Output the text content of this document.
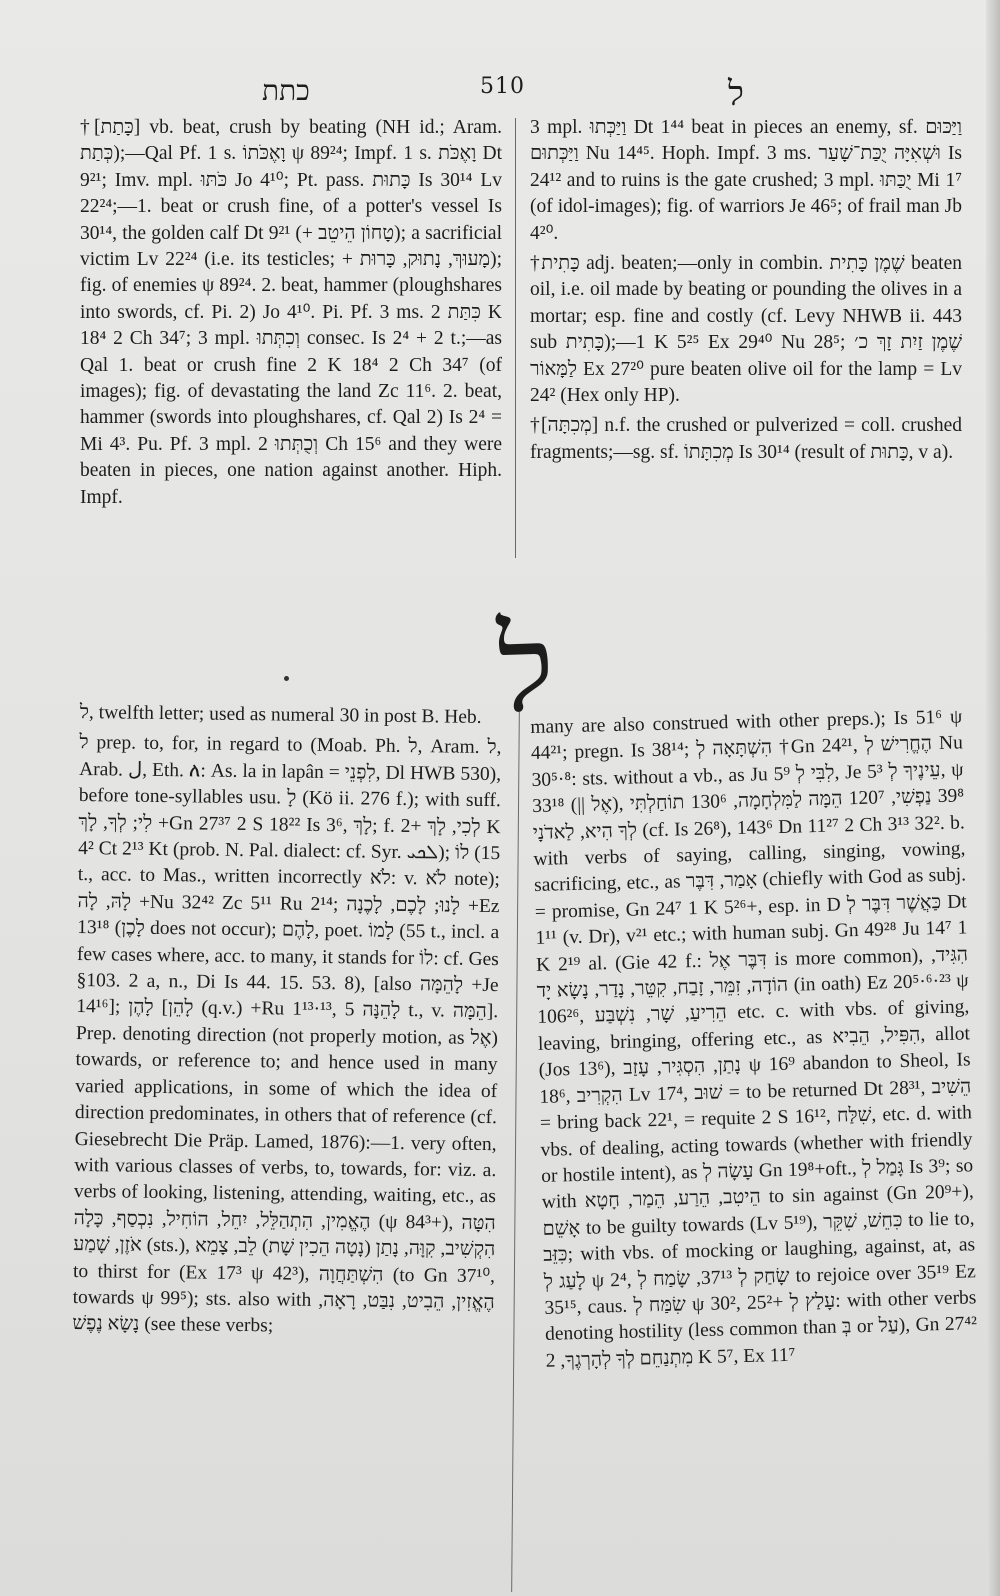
כתת	510	ל

†[כָּתַת] vb. beat, crush by beating (NH id.; Aram. כְּתַת);—Qal Pf. 1 s. וָאֶכֹּתוֹ ψ 89²⁴; Impf. 1 s. וָאֶכֹּת Dt 9²¹; Imv. mpl. כֹּתּוּ Jo 4¹⁰; Pt. pass. כָּתוּת Is 30¹⁴ Lv 22²⁴;—1. beat or crush fine, of a potter's vessel Is 30¹⁴, the golden calf Dt 9²¹ (+ טָחוֹן הֵיטֵב); a sacrificial victim Lv 22²⁴ (i.e. its testicles; + מָעוּךְ, נָתוּק, כָּרוּת); fig. of enemies ψ 89²⁴. 2. beat, hammer (ploughshares into swords, cf. Pi. 2) Jo 4¹⁰. Pi. Pf. 3 ms. כִּתַּת 2 K 18⁴ 2 Ch 34⁷; 3 mpl. וְכִתְּתוּ consec. Is 2⁴ + 2 t.;—as Qal 1. beat or crush fine 2 K 18⁴ 2 Ch 34⁷ (of images); fig. of devastating the land Zc 11⁶. 2. beat, hammer (swords into ploughshares, cf. Qal 2) Is 2⁴ = Mi 4³. Pu. Pf. 3 mpl. וְכֻתְּתוּ 2 Ch 15⁶ and they were beaten in pieces, one nation against another. Hiph. Impf.

3 mpl. וַיַּכְּתוּ Dt 1⁴⁴ beat in pieces an enemy, sf. וַיַּכּוּם וַיַּכְּתוּם Nu 14⁴⁵. Hoph. Impf. 3 ms. וּשְׁאִיָּה יֻכַּת־שָׁעַר Is 24¹² and to ruins is the gate crushed; 3 mpl. יֻכַּתּוּ Mi 1⁷ (of idol-images); fig. of warriors Je 46⁵; of frail man Jb 4²⁰.

†כָּתִית adj. beaten;—only in combin. שֶׁמֶן כָּתִית beaten oil, i.e. oil made by beating or pounding the olives in a mortar; esp. fine and costly (cf. Levy NHWB ii. 443 sub כָּתִית);—1 K 5²⁵ Ex 29⁴⁰ Nu 28⁵; שֶׁמֶן זַיִת זָךְ כ׳ לַמָּאוֹר Ex 27²⁰ pure beaten olive oil for the lamp = Lv 24² (Hex only HP).

†[מְכִתָּה] n.f. the crushed or pulverized = coll. crushed fragments;—sg. sf. מְכִתָּתוֹ Is 30¹⁴ (result of כָּתוּת, v a).

ל

ל, twelfth letter; used as numeral 30 in post B. Heb.

ל prep. to, for, in regard to (Moab. Ph. ל, Aram. ל, Arab. ل, Eth. ለ: As. la in lapân = לִפְנֵי, Dl HWB 530), before tone-syllables usu. לָ (Kö ii. 276 f.); with suff. לִי; לְךָ, לָךְ +Gn 27³⁷ 2 S 18²² Is 3⁶, לָךְ; f. לְכִי, לָךְ +2 K 4² Ct 2¹³ Kt (prob. N. Pal. dialect: cf. Syr. ܠܟܝ); לוֹ (15 t., acc. to Mas., written incorrectly לֹא: v. לֹא note); לָהּ, לָה +Nu 32⁴² Zc 5¹¹ Ru 2¹⁴; לָנוּ; לָכֶם, לָכֶנָה +Ez 13¹⁸ (לָכֶן does not occur); לָהֶם, poet. לָמוֹ (55 t., incl. a few cases where, acc. to many, it stands for לוֹ: cf. Ges §103. 2 a, n., Di Is 44. 15. 53. 8), [also לָהֵמָּה +Je 14¹⁶]; לָהֶן [לָהֵן (q.v.) +Ru 1¹³·¹³, לָהֵנָּה 5 t., v. הֵמָּה]. Prep. denoting direction (not properly motion, as אֶל) towards, or reference to; and hence used in many varied applications, in some of which the idea of direction predominates, in others that of reference (cf. Giesebrecht Die Präp. Lamed, 1876):—1. very often, with various classes of verbs, to, towards, for: viz. a. verbs of looking, listening, attending, waiting, etc., as הֶאֱמִין, הִתְהַלֵּל, יִחֵל, הוֹחִיל, נִכְסַף, כָּלָה (ψ 84³+), הִטָּה אֹזֶן, שָׁמַע (sts.), הִקְשִׁיב, קִוָּה, נָתַן (נָטָה הֵכִין שָׁת) לֵב, צָמֵא to thirst for (Ex 17³ ψ 42³), הִשְׁתַּחֲוָה (to Gn 37¹⁰, towards ψ 99⁵); sts. also with הֶאֱזִין, הֵבִיט, נִבַּט, רָאָה, נָשָׂא נֶפֶשׁ (see these verbs;

many are also construed with other preps.); Is 51⁶ ψ 44²¹; pregn. Is 38¹⁴; הִשְׁתָּאָה לְ †Gn 24²¹, הֶחֱרִישׁ לְ Nu 30⁵·⁸: sts. without a vb., as Ju 5⁹ לִבִּי לְ, Je 5³ עֵינֶיךָ לְ, ψ 33¹⁸ (|| אֶל), 39⁸ נַפְשִׁי, 120⁷ הֵמָּה לַמִּלְחָמָה, 130⁶ תוֹחַלְתִּי לְךָ הִיא, לַאדֹנָי (cf. Is 26⁸), 143⁶ Dn 11²⁷ 2 Ch 3¹³ 32². b. with verbs of saying, calling, singing, vowing, sacrificing, etc., as אָמַר, דִּבֶּר (chiefly with God as subj. = promise, Gn 24⁷ 1 K 5²⁶+, esp. in D כַּאֲשֶׁר דִּבֶּר לְ Dt 1¹¹ (v. Dr), v²¹ etc.; with human subj. Gn 49²⁸ Ju 14⁷ 1 K 2¹⁹ al. (Gie 42 f.: דִּבֶּר אֶל is more common), הִגִּיד, הוֹדָה, זִמֵּר, זָבַח, קִטֵּר, נָדַר, נָשָׂא יָד (in oath) Ez 20⁵·⁶·²³ ψ 106²⁶, הֵרִיעַ, שָׁר, נִשְׁבַּע etc. c. with vbs. of giving, leaving, bringing, offering etc., as הִפִּיל, הֵבִיא, allot (Jos 13⁶), נָתַן, הִסְגִּיר, עָזַב ψ 16⁹ abandon to Sheol, Is 18⁶, הִקְרִיב Lv 17⁴, שׁוּב = to be returned Dt 28³¹, הֵשִׁיב = bring back 22¹, = requite 2 S 16¹², שִׁלַּח, etc. d. with vbs. of dealing, acting towards (whether with friendly or hostile intent), as עָשָׂה לְ Gn 19⁸+oft., גָּמַל לְ Is 3⁹; so with הֵיטִב, הֵרַע, הֵמַר, חָטָא to sin against (Gn 20⁹+), אָשֵׁם to be guilty towards (Lv 5¹⁹), כִּחֵשׁ, שִׁקֵּר to lie to, כִּזֵּב; with vbs. of mocking or laughing, against, at, as לָעַג לְ ψ 2⁴, שָׂחַק לְ 37¹³, שָׂמַח לְ to rejoice over 35¹⁹ Ez 35¹⁵, caus. שִׂמַּח לְ ψ 30², עָלַץ לְ +25²: with other verbs denoting hostility (less common than בְּ or עַל), Gn 27⁴² מִתְנַחֵם לְךָ לְהָרְגֶךָ, 2 K 5⁷, Ex 11⁷
